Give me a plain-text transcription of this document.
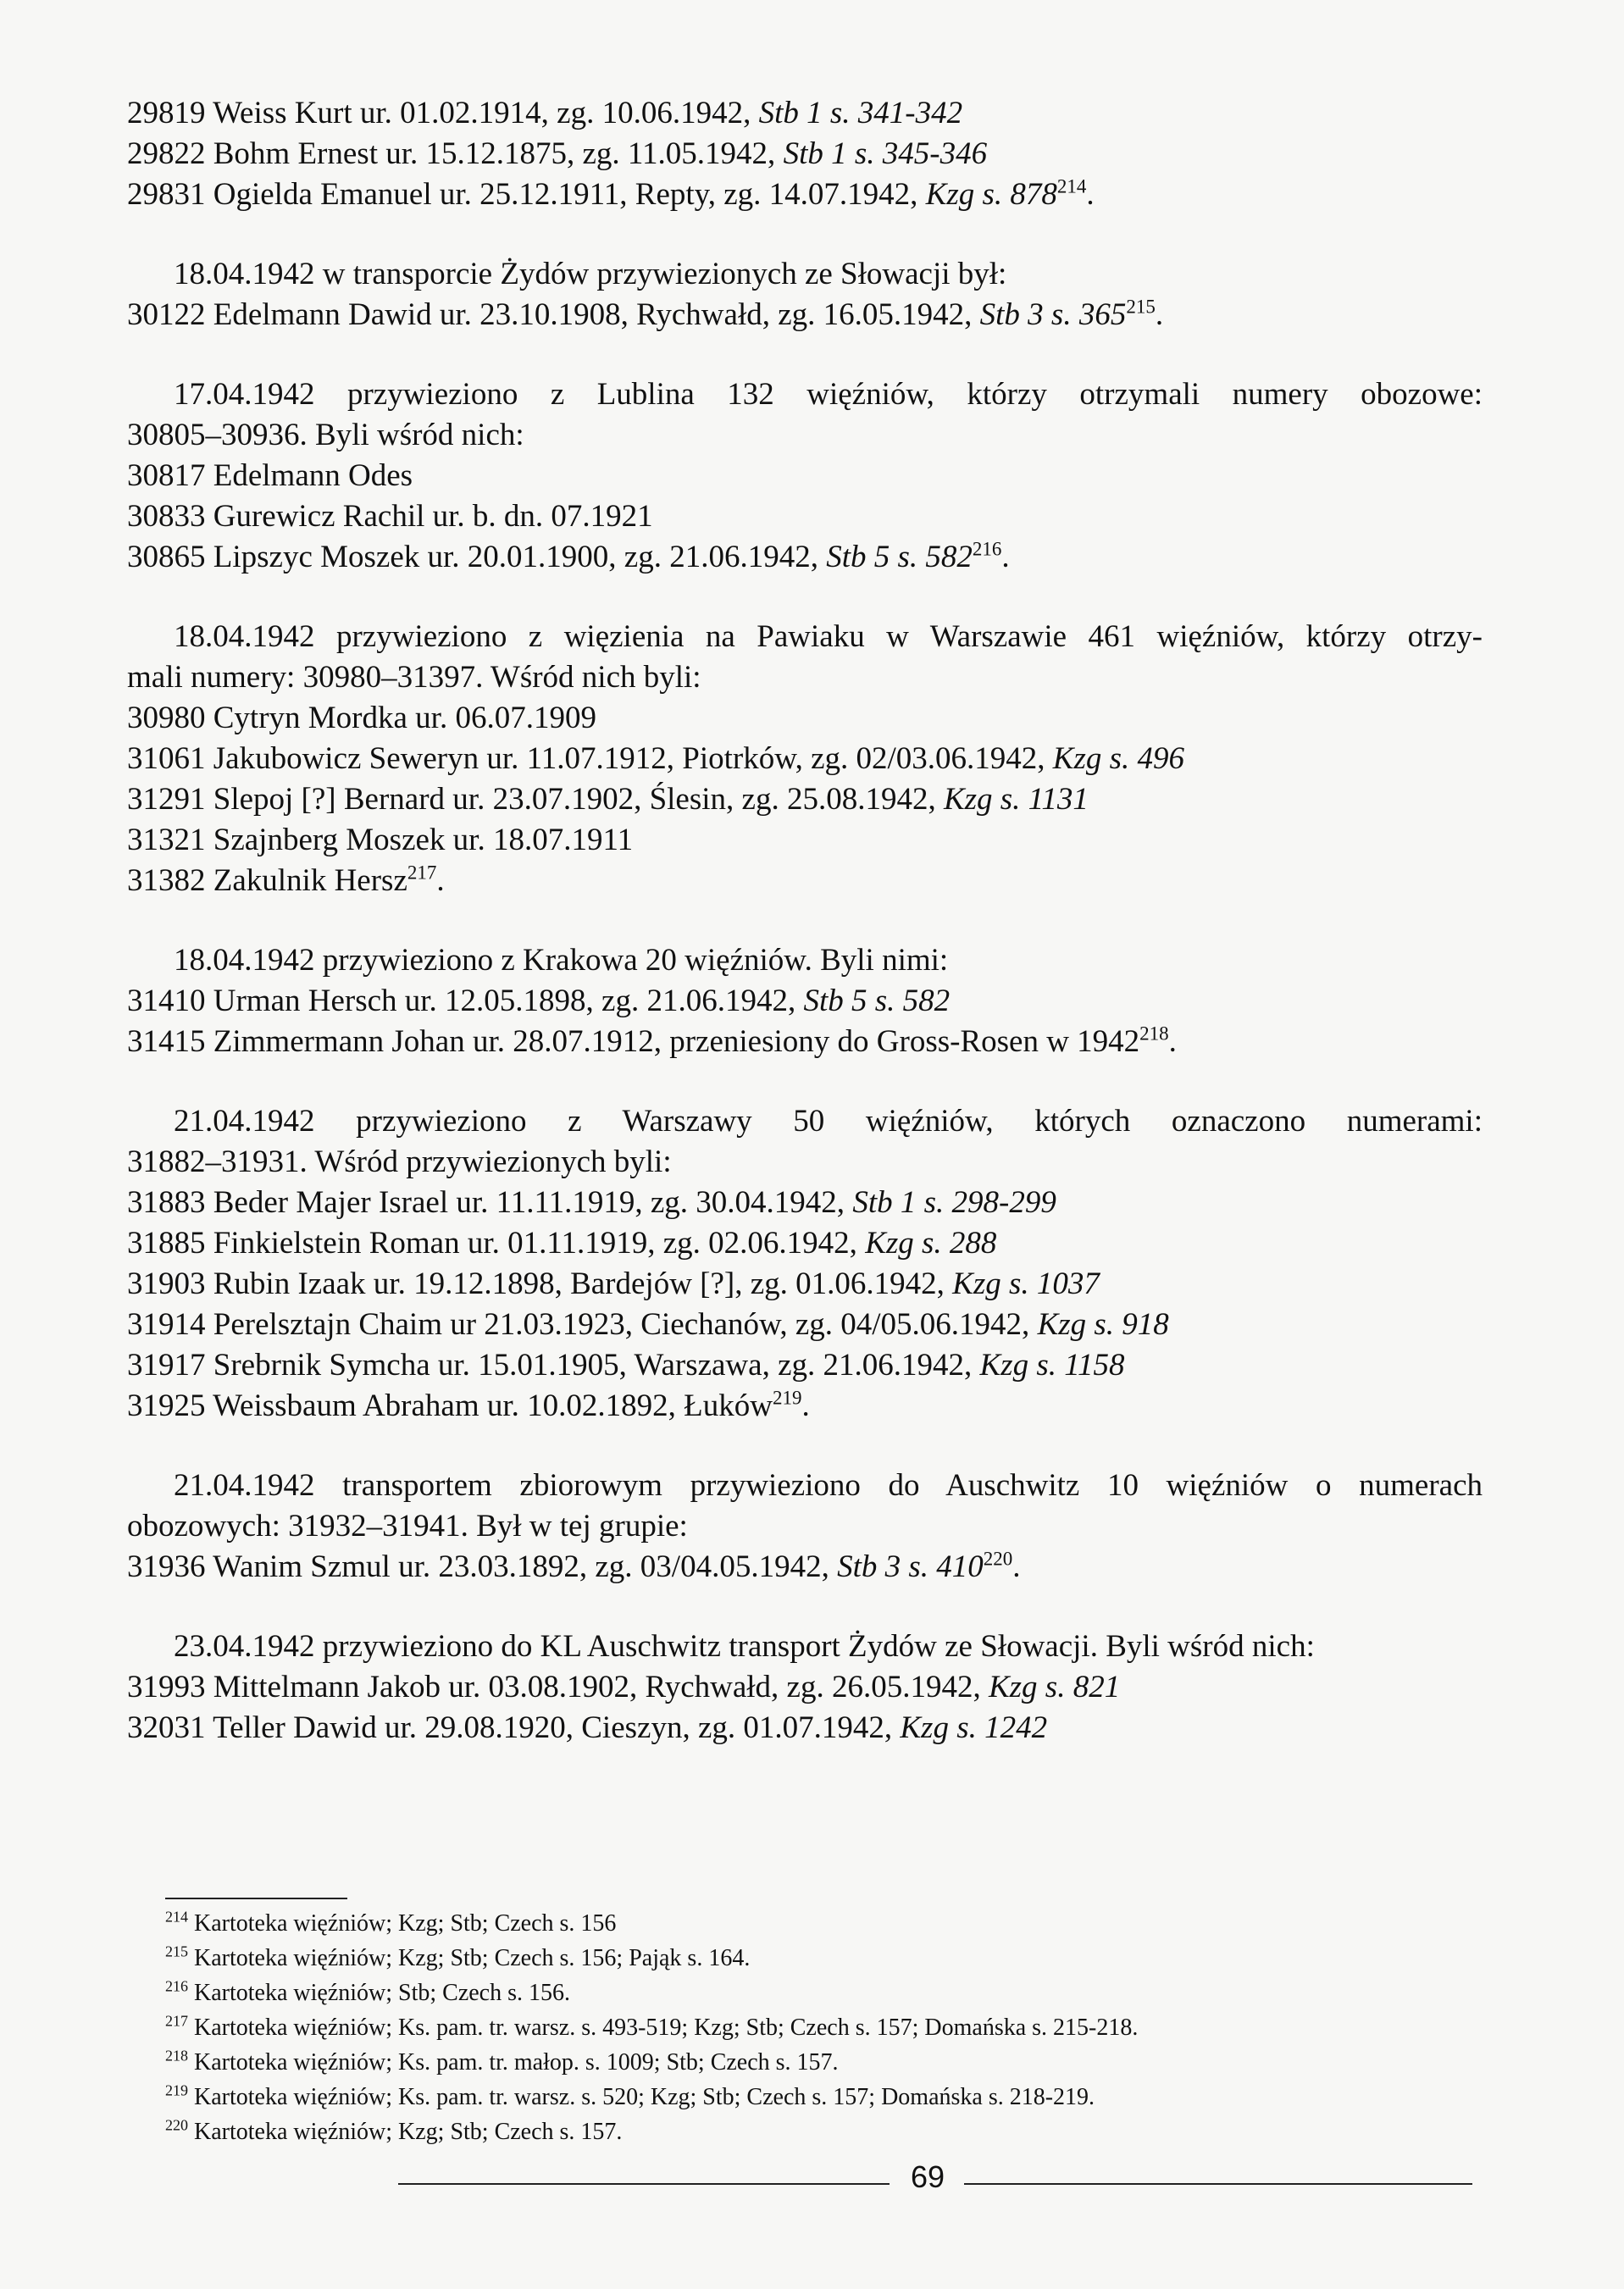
29819 Weiss Kurt ur. 01.02.1914, zg. 10.06.1942, Stb 1 s. 341-342
29822 Bohm Ernest ur. 15.12.1875, zg. 11.05.1942, Stb 1 s. 345-346
29831 Ogielda Emanuel ur. 25.12.1911, Repty, zg. 14.07.1942, Kzg s. $878^{214}$.
18.04.1942 w transporcie Żydów przywiezionych ze Słowacji był:
30122 Edelmann Dawid ur. 23.10.1908, Rychwałd, zg. 16.05.1942, Stb 3 s. $365^{215}$.
17.04.1942 przywieziono z Lublina 132 więźniów, którzy otrzymali numery obozowe:
30805–30936. Byli wśród nich:
30817 Edelmann Odes
30833 Gurewicz Rachil ur. b. dn. 07.1921
30865 Lipszyc Moszek ur. 20.01.1900, zg. 21.06.1942, Stb 5 s. $582^{216}$.
18.04.1942 przywieziono z więzienia na Pawiaku w Warszawie 461 więźniów, którzy otrzy-
mali numery: 30980–31397. Wśród nich byli:
30980 Cytryn Mordka ur. 06.07.1909
31061 Jakubowicz Seweryn ur. 11.07.1912, Piotrków, zg. 02/03.06.1942, Kzg s. 496
31291 Slepoj [?] Bernard ur. 23.07.1902, Ślesin, zg. 25.08.1942, Kzg s. 1131
31321 Szajnberg Moszek ur. 18.07.1911
31382 Zakulnik Hersz$^{217}$.
18.04.1942 przywieziono z Krakowa 20 więźniów. Byli nimi:
31410 Urman Hersch ur. 12.05.1898, zg. 21.06.1942, Stb 5 s. 582
31415 Zimmermann Johan ur. 28.07.1912, przeniesiony do Gross-Rosen w 1942$^{218}$.
21.04.1942 przywieziono z Warszawy 50 więźniów, których oznaczono numerami:
31882–31931. Wśród przywiezionych byli:
31883 Beder Majer Israel ur. 11.11.1919, zg. 30.04.1942, Stb 1 s. 298-299
31885 Finkielstein Roman ur. 01.11.1919, zg. 02.06.1942, Kzg s. 288
31903 Rubin Izaak ur. 19.12.1898, Bardejów [?], zg. 01.06.1942, Kzg s. 1037
31914 Perelsztajn Chaim ur 21.03.1923, Ciechanów, zg. 04/05.06.1942, Kzg s. 918
31917 Srebrnik Symcha ur. 15.01.1905, Warszawa, zg. 21.06.1942, Kzg s. 1158
31925 Weissbaum Abraham ur. 10.02.1892, Łuków$^{219}$.
21.04.1942 transportem zbiorowym przywieziono do Auschwitz 10 więźniów o numerach
obozowych: 31932–31941. Był w tej grupie:
31936 Wanim Szmul ur. 23.03.1892, zg. 03/04.05.1942, Stb 3 s. $410^{220}$.
23.04.1942 przywieziono do KL Auschwitz transport Żydów ze Słowacji. Byli wśród nich:
31993 Mittelmann Jakob ur. 03.08.1902, Rychwałd, zg. 26.05.1942, Kzg s. 821
32031 Teller Dawid ur. 29.08.1920, Cieszyn, zg. 01.07.1942, Kzg s. 1242
$^{214}$ Kartoteka więźniów; Kzg; Stb; Czech s. 156
$^{215}$ Kartoteka więźniów; Kzg; Stb; Czech s. 156; Pająk s. 164.
$^{216}$ Kartoteka więźniów; Stb; Czech s. 156.
$^{217}$ Kartoteka więźniów; Ks. pam. tr. warsz. s. 493-519; Kzg; Stb; Czech s. 157; Domańska s. 215-218.
$^{218}$ Kartoteka więźniów; Ks. pam. tr. małop. s. 1009; Stb; Czech s. 157.
$^{219}$ Kartoteka więźniów; Ks. pam. tr. warsz. s. 520; Kzg; Stb; Czech s. 157; Domańska s. 218-219.
$^{220}$ Kartoteka więźniów; Kzg; Stb; Czech s. 157.
69
